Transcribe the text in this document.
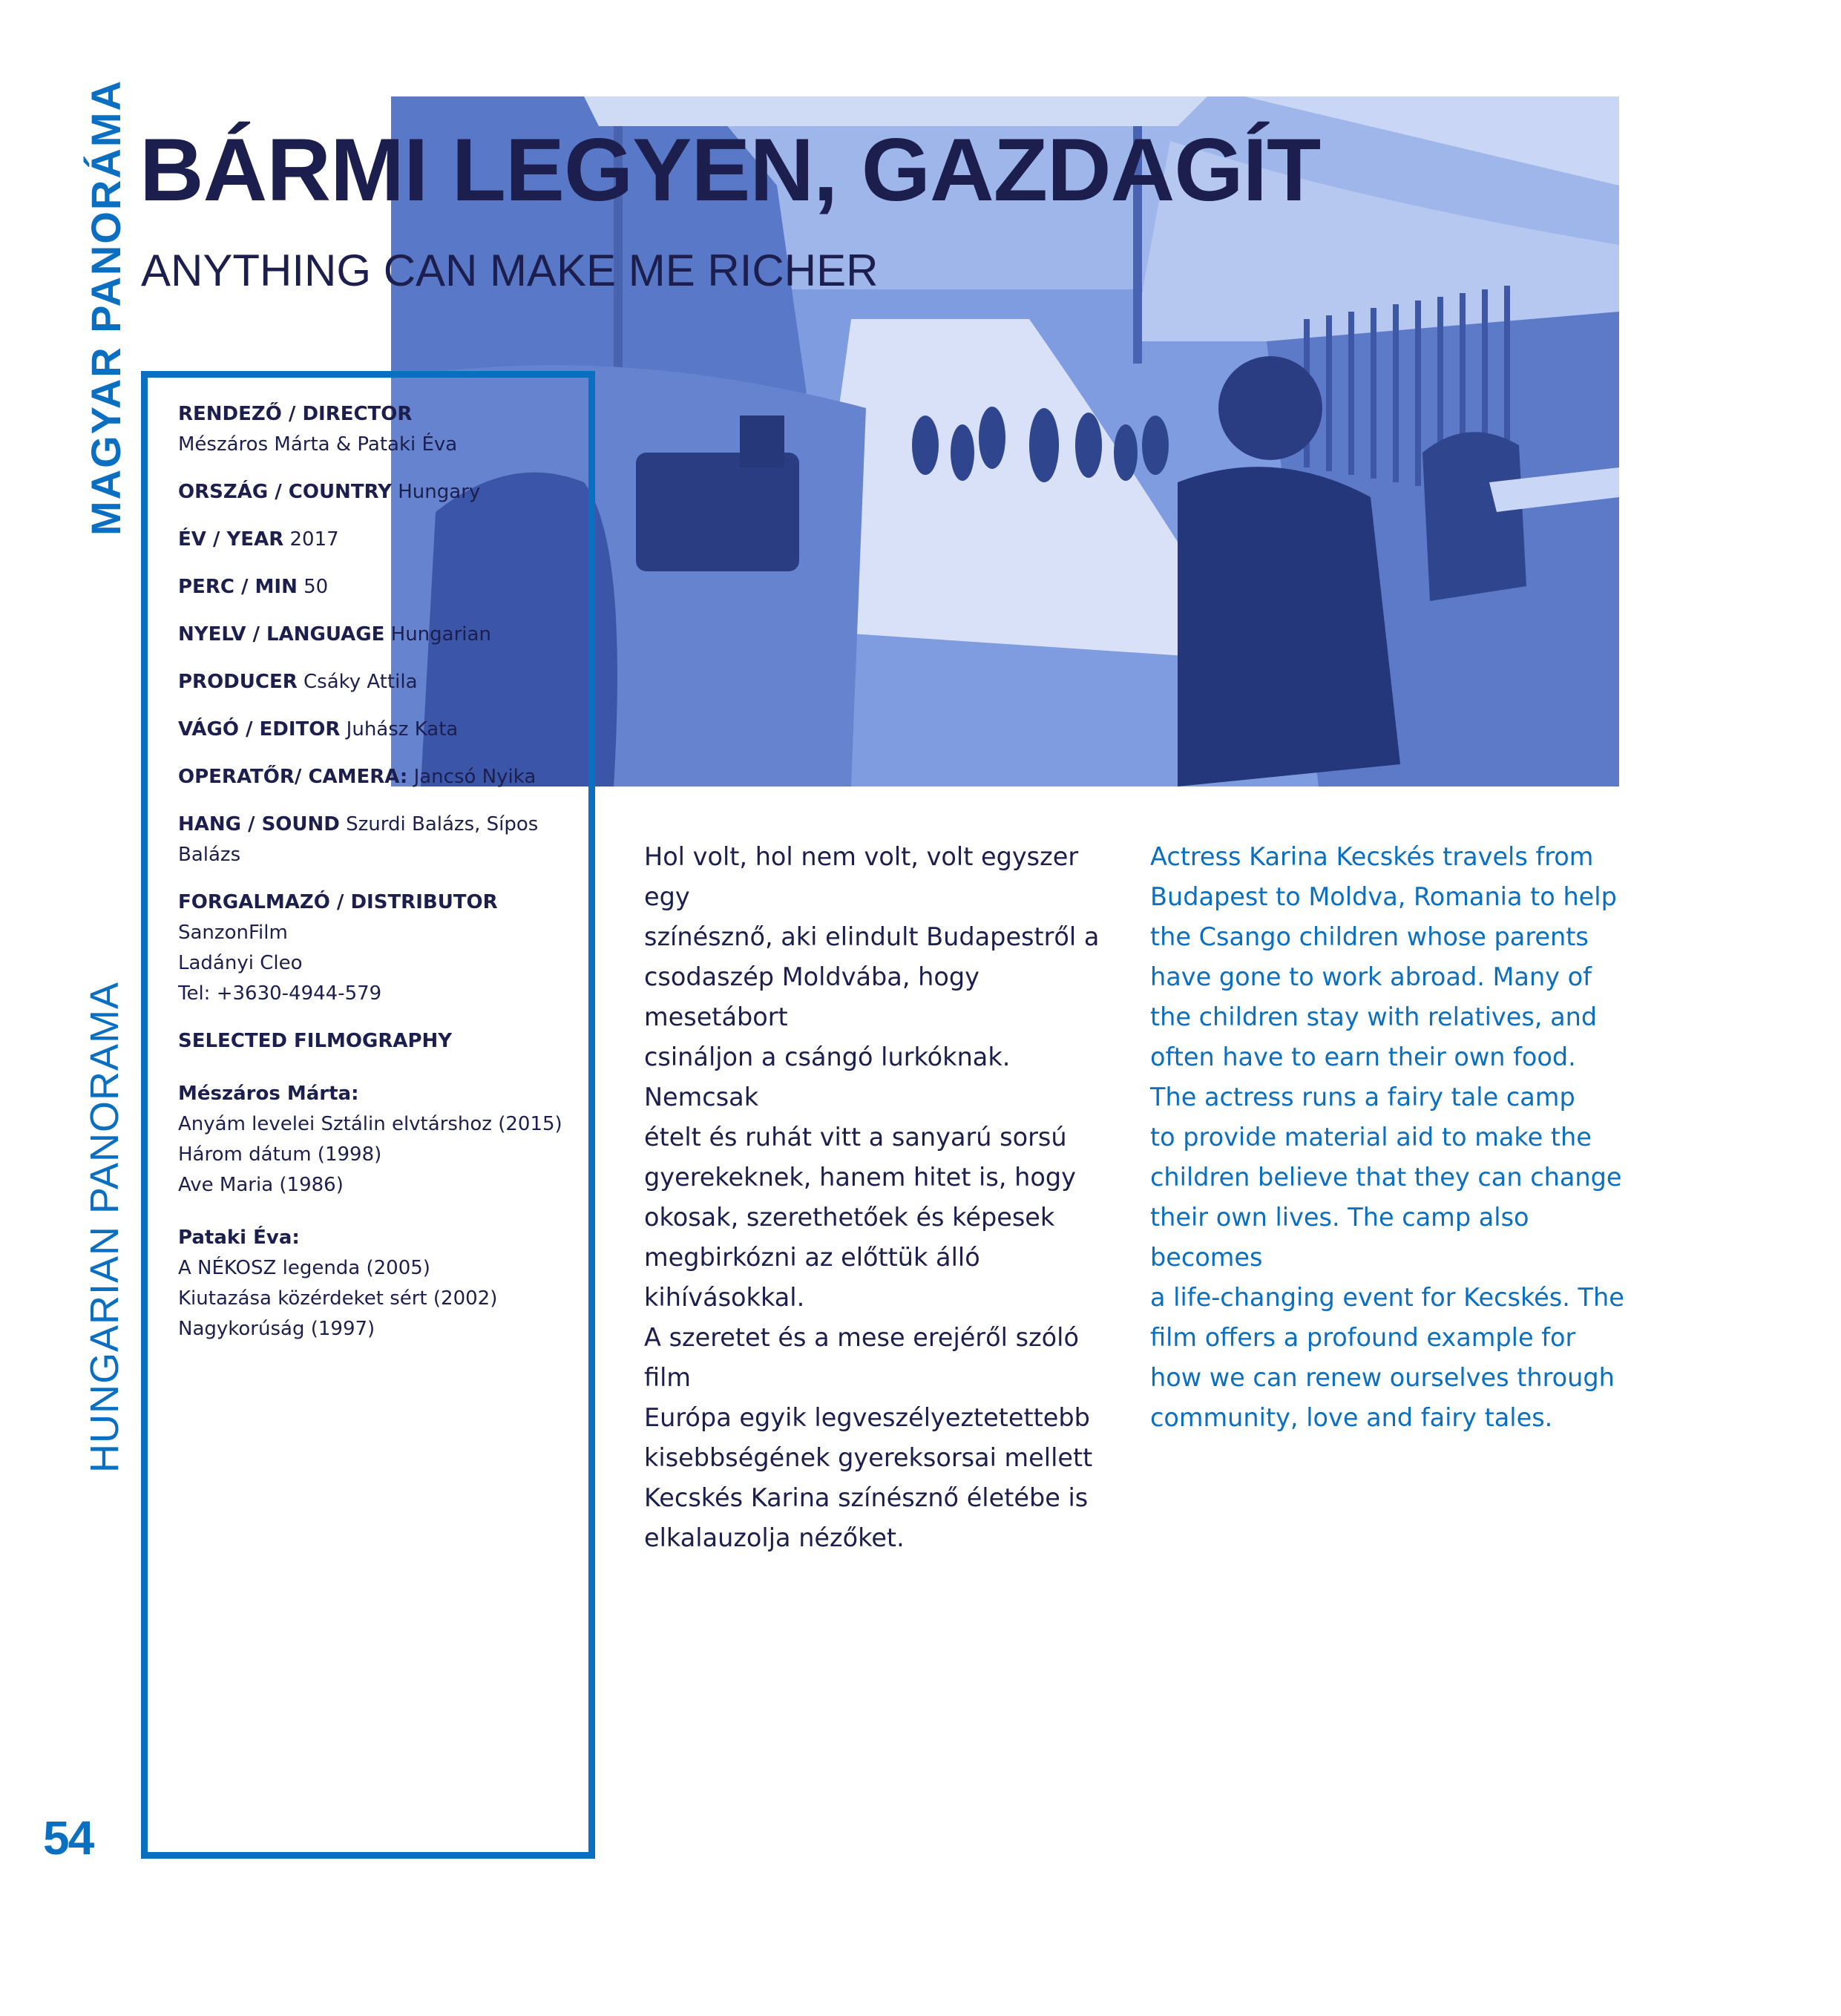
MAGYAR PANORÁMA
HUNGARIAN PANORAMA
54
BÁRMI LEGYEN, GAZDAGÍT
ANYTHING CAN MAKE ME RICHER
RENDEZŐ / DIRECTOR
Mészáros Márta & Pataki Éva

ORSZÁG / COUNTRY Hungary

ÉV / YEAR 2017

PERC / MIN 50

NYELV / LANGUAGE Hungarian

PRODUCER Csáky Attila

VÁGÓ / EDITOR Juhász Kata

OPERATŐR/ CAMERA: Jancsó Nyika

HANG / SOUND Szurdi Balázs, Sípos Balázs

FORGALMAZÓ / DISTRIBUTOR
SanzonFilm
Ladányi Cleo
Tel: +3630-4944-579
SELECTED FILMOGRAPHY
Mészáros Márta:
Anyám levelei Sztálin elvtárshoz (2015)
Három dátum (1998)
Ave Maria (1986)
Pataki Éva:
A NÉKOSZ legenda (2005)
Kiutazása közérdeket sért (2002)
Nagykorúság (1997)
Hol volt, hol nem volt, volt egyszer egy
színésznő, aki elindult Budapestről a
csodaszép Moldvába, hogy mesetábort
csináljon a csángó lurkóknak. Nemcsak
ételt és ruhát vitt a sanyarú sorsú
gyerekeknek, hanem hitet is, hogy
okosak, szerethetőek és képesek
megbirkózni az előttük álló kihívásokkal.
A szeretet és a mese erejéről szóló film
Európa egyik legveszélyeztetettebb
kisebbségének gyereksorsai mellett
Kecskés Karina színésznő életébe is
elkalauzolja nézőket.
Actress Karina Kecskés travels from
Budapest to Moldva, Romania to help
the Csango children whose parents
have gone to work abroad. Many of
the children stay with relatives, and
often have to earn their own food.
The actress runs a fairy tale camp
to provide material aid to make the
children believe that they can change
their own lives. The camp also becomes
a life-changing event for Kecskés. The
film offers a profound example for
how we can renew ourselves through
community, love and fairy tales.
